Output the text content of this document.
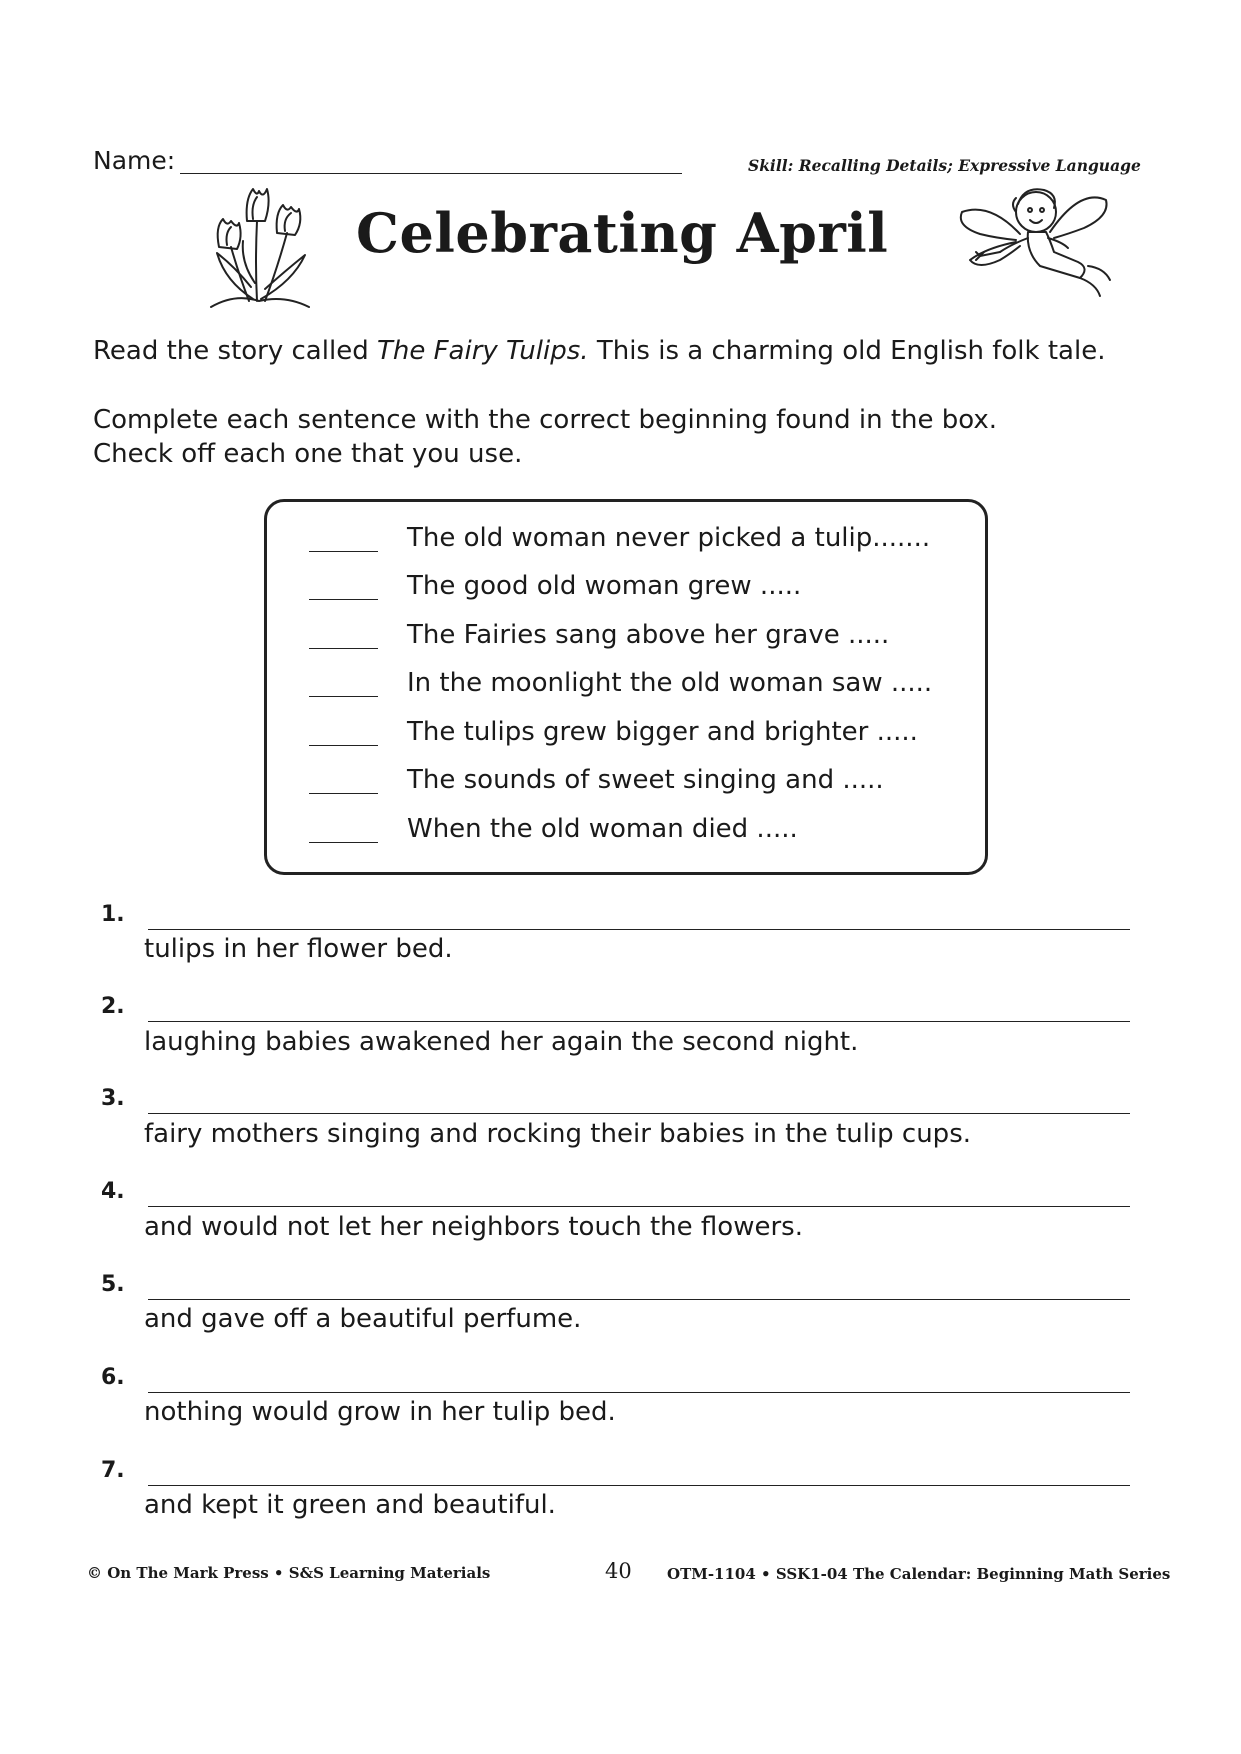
Name:	Skill: Recalling Details; Expressive Language
Celebrating April
Read the story called The Fairy Tulips. This is a charming old English folk tale.
Complete each sentence with the correct beginning found in the box.
Check off each one that you use.
The old woman never picked a tulip.......
The good old woman grew .....
The Fairies sang above her grave .....
In the moonlight the old woman saw .....
The tulips grew bigger and brighter .....
The sounds of sweet singing and .....
When the old woman died .....
1.
tulips in her flower bed.
2.
laughing babies awakened her again the second night.
3.
fairy mothers singing and rocking their babies in the tulip cups.
4.
and would not let her neighbors touch the flowers.
5.
and gave off a beautiful perfume.
6.
nothing would grow in her tulip bed.
7.
and kept it green and beautiful.
© On The Mark Press • S&S Learning Materials	40 OTM-1104 • SSK1-04 The Calendar: Beginning Math Series
